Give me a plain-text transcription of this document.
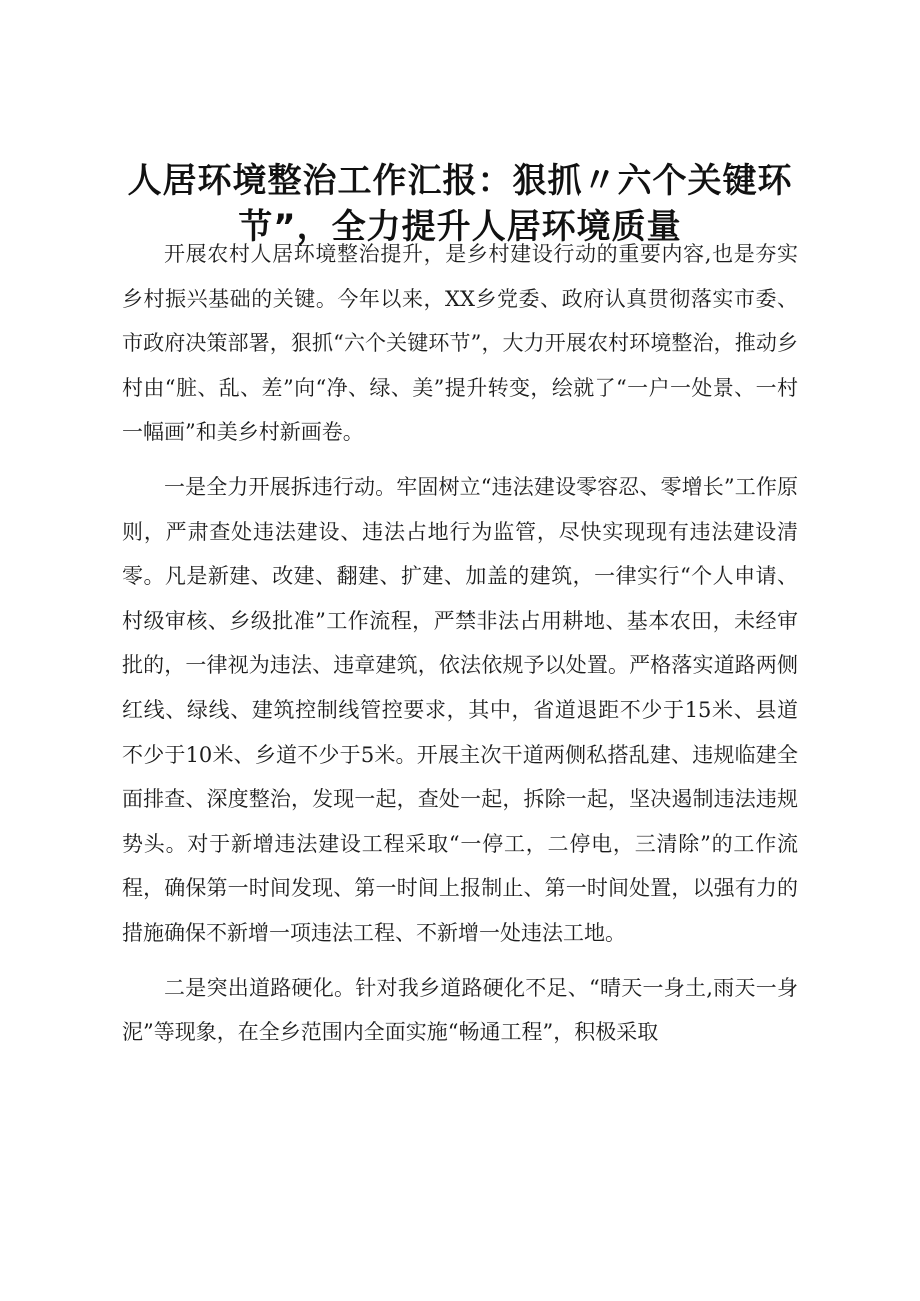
人居环境整治工作汇报：狠抓〃六个关键环
节”，全力提升人居环境质量

开展农村人居环境整治提升，是乡村建设行动的重要内容,也是夯实乡村振兴基础的关键。今年以来，XX乡党委、政府认真贯彻落实市委、市政府决策部署，狠抓“六个关键环节”，大力开展农村环境整治，推动乡村由“脏、乱、差”向“净、绿、美”提升转变，绘就了“一户一处景、一村一幅画”和美乡村新画卷。

一是全力开展拆违行动。牢固树立“违法建设零容忍、零增长”工作原则，严肃查处违法建设、违法占地行为监管，尽快实现现有违法建设清零。凡是新建、改建、翻建、扩建、加盖的建筑，一律实行“个人申请、村级审核、乡级批准”工作流程，严禁非法占用耕地、基本农田，未经审批的，一律视为违法、违章建筑，依法依规予以处置。严格落实道路两侧红线、绿线、建筑控制线管控要求，其中，省道退距不少于15米、县道不少于10米、乡道不少于5米。开展主次干道两侧私搭乱建、违规临建全面排查、深度整治，发现一起，查处一起，拆除一起，坚决遏制违法违规势头。对于新增违法建设工程采取“一停工，二停电，三清除”的工作流程，确保第一时间发现、第一时间上报制止、第一时间处置，以强有力的措施确保不新增一项违法工程、不新增一处违法工地。

二是突出道路硬化。针对我乡道路硬化不足、“晴天一身土,雨天一身泥”等现象，在全乡范围内全面实施“畅通工程”，积极采取
